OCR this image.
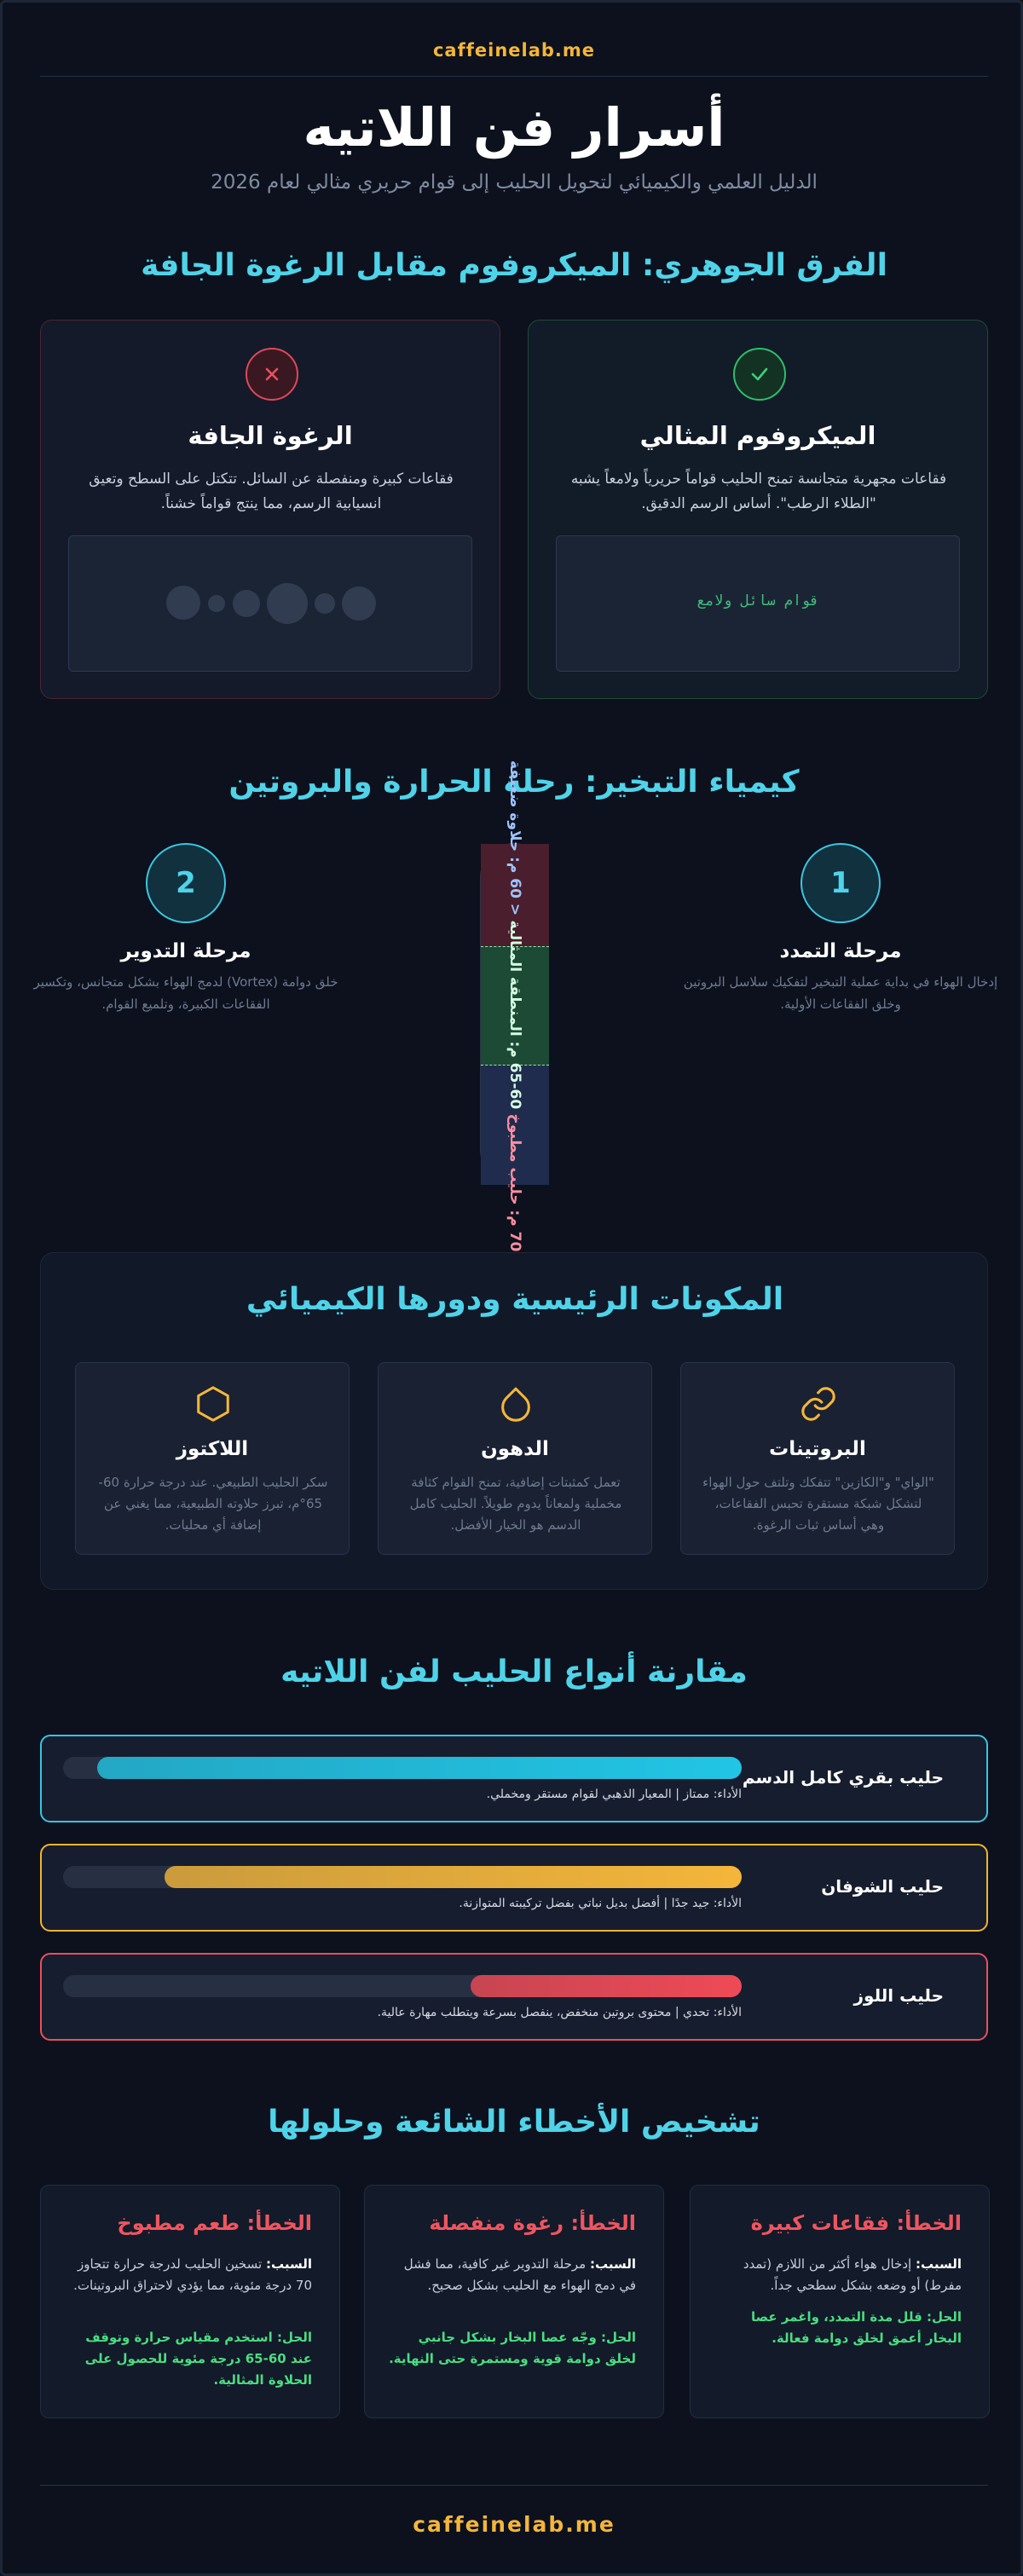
caffeinelab.me
أسرار فن اللاتيه
الدليل العلمي والكيميائي لتحويل الحليب إلى قوام حريري مثالي لعام 2026
الفرق الجوهري: الميكروفوم مقابل الرغوة الجافة
الميكروفوم المثالي
فقاعات مجهرية متجانسة تمنح الحليب قواماً حريرياً ولامعاً يشبه "الطلاء الرطب". أساس الرسم الدقيق.
قوام سائل ولامع
الرغوة الجافة
فقاعات كبيرة ومنفصلة عن السائل. تتكتل على السطح وتعيق انسيابية الرسم، مما ينتج قواماً خشناً.
كيمياء التبخير: رحلة الحرارة والبروتين
1
مرحلة التمدد
إدخال الهواء في بداية عملية التبخير لتفكيك سلاسل البروتين وخلق الفقاعات الأولية.
2
مرحلة التدوير
خلق دوامة (Vortex) لدمج الهواء بشكل متجانس، وتكسير الفقاعات الكبيرة، وتلميع القوام.
70 م: حليب مطبوخ 60-65 م: المنطقة المثالية < 60 م: حلاوة ضعيفة
المكونات الرئيسية ودورها الكيميائي
البروتينات
"الواي" و"الكازين" تتفكك وتلتف حول الهواء لتشكل شبكة مستقرة تحبس الفقاعات، وهي أساس ثبات الرغوة.
الدهون
تعمل كمثبتات إضافية، تمنح القوام كثافة مخملية ولمعاناً يدوم طويلاً. الحليب كامل الدسم هو الخيار الأفضل.
اللاكتوز
سكر الحليب الطبيعي. عند درجة حرارة 60-65°م، تبرز حلاوته الطبيعية، مما يغني عن إضافة أي محليات.
مقارنة أنواع الحليب لفن اللاتيه
حليب بقري كامل الدسم
الأداء: ممتاز | المعيار الذهبي لقوام مستقر ومخملي.
حليب الشوفان
الأداء: جيد جدًا | أفضل بديل نباتي بفضل تركيبته المتوازنة.
حليب اللوز
الأداء: تحدي | محتوى بروتين منخفض، ينفصل بسرعة ويتطلب مهارة عالية.
تشخيص الأخطاء الشائعة وحلولها
الخطأ: فقاعات كبيرة
السبب: إدخال هواء أكثر من اللازم (تمدد مفرط) أو وضعه بشكل سطحي جداً.
الحل: قلل مدة التمدد، واغمر عصا البخار أعمق لخلق دوامة فعالة.
الخطأ: رغوة منفصلة
السبب: مرحلة التدوير غير كافية، مما فشل في دمج الهواء مع الحليب بشكل صحيح.
الحل: وجّه عصا البخار بشكل جانبي لخلق دوامة قوية ومستمرة حتى النهاية.
الخطأ: طعم مطبوخ
السبب: تسخين الحليب لدرجة حرارة تتجاوز 70 درجة مئوية، مما يؤدي لاحتراق البروتينات.
الحل: استخدم مقياس حرارة وتوقف عند 60-65 درجة مئوية للحصول على الحلاوة المثالية.
caffeinelab.me
